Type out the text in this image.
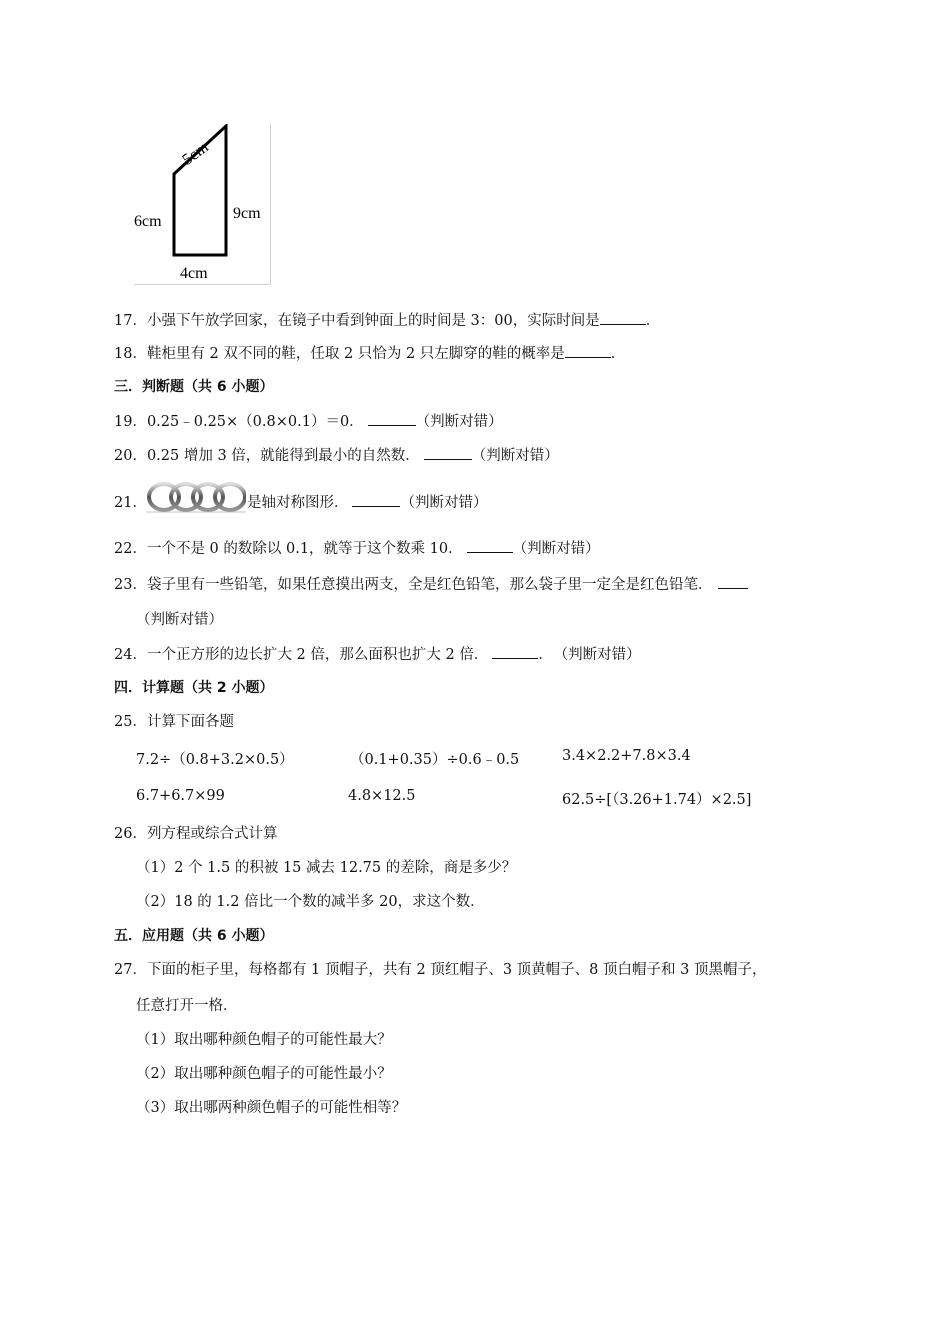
5cm
6cm	9cm
4cm
17．小强下午放学回家，在镜子中看到钟面上的时间是 3：00，实际时间是	．
18．鞋柜里有 2 双不同的鞋，任取 2 只恰为 2 只左脚穿的鞋的概率是	．
三．判断题（共 6 小题）
19．0.25﹣0.25×（0.8×0.1）＝0．	（判断对错）
20．0.25 增加 3 倍，就能得到最小的自然数．	（判断对错）
21．	是轴对称图形．	（判断对错）
22．一个不是 0 的数除以 0.1，就等于这个数乘 10．	（判断对错）
23．袋子里有一些铅笔，如果任意摸出两支，全是红色铅笔，那么袋子里一定全是红色铅笔．
（判断对错）
24．一个正方形的边长扩大 2 倍，那么面积也扩大 2 倍．	． （判断对错）
四．计算题（共 2 小题）
25．计算下面各题
7.2÷（0.8+3.2×0.5）	（0.1+0.35）÷0.6﹣0.5	3.4×2.2+7.8×3.4
6.7+6.7×99	4.8×12.5	62.5÷[（3.26+1.74）×2.5]
26．列方程或综合式计算
（1）2 个 1.5 的积被 15 减去 12.75 的差除，商是多少？
（2）18 的 1.2 倍比一个数的减半多 20，求这个数．
五．应用题（共 6 小题）
27．下面的柜子里，每格都有 1 顶帽子，共有 2 顶红帽子、3 顶黄帽子、8 顶白帽子和 3 顶黑帽子，
任意打开一格．
（1）取出哪种颜色帽子的可能性最大？
（2）取出哪种颜色帽子的可能性最小？
（3）取出哪两种颜色帽子的可能性相等？
